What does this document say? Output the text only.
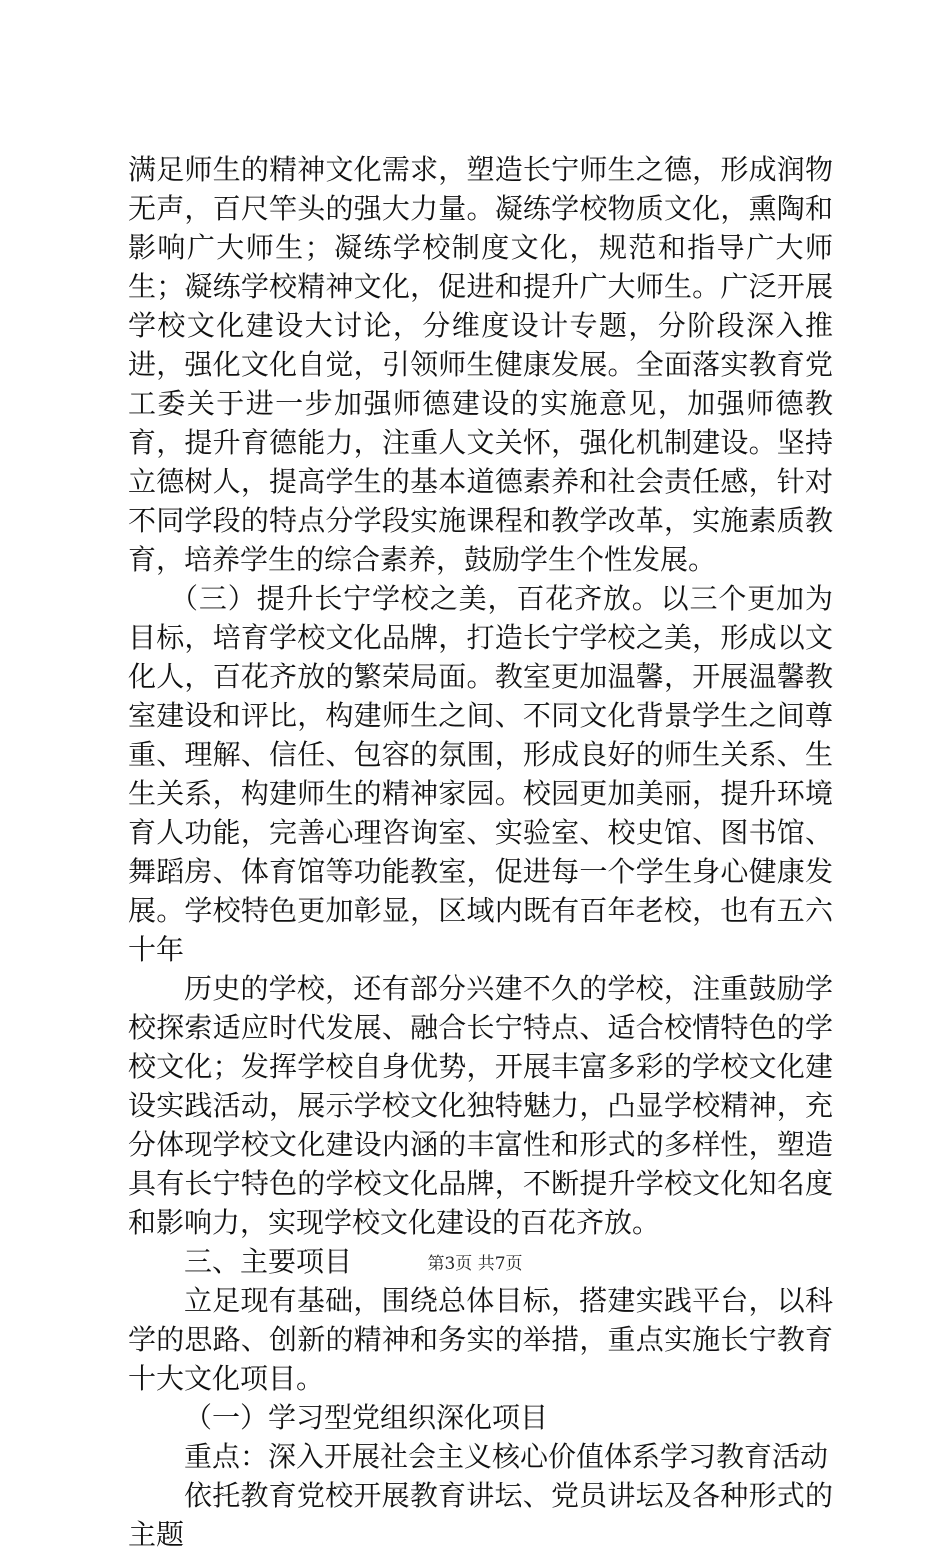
满足师生的精神文化需求，塑造长宁师生之德，形成润物无声，百尺竿头的强大力量。凝练学校物质文化，熏陶和影响广大师生；凝练学校制度文化，规范和指导广大师生；凝练学校精神文化，促进和提升广大师生。广泛开展学校文化建设大讨论，分维度设计专题，分阶段深入推进，强化文化自觉，引领师生健康发展。全面落实教育党工委关于进一步加强师德建设的实施意见，加强师德教育，提升育德能力，注重人文关怀，强化机制建设。坚持立德树人，提高学生的基本道德素养和社会责任感，针对不同学段的特点分学段实施课程和教学改革，实施素质教育，培养学生的综合素养，鼓励学生个性发展。

（三）提升长宁学校之美，百花齐放。以三个更加为目标，培育学校文化品牌，打造长宁学校之美，形成以文化人，百花齐放的繁荣局面。教室更加温馨，开展温馨教室建设和评比，构建师生之间、不同文化背景学生之间尊重、理解、信任、包容的氛围，形成良好的师生关系、生生关系，构建师生的精神家园。校园更加美丽，提升环境育人功能，完善心理咨询室、实验室、校史馆、图书馆、舞蹈房、体育馆等功能教室，促进每一个学生身心健康发展。学校特色更加彰显，区域内既有百年老校，也有五六十年

历史的学校，还有部分兴建不久的学校，注重鼓励学校探索适应时代发展、融合长宁特点、适合校情特色的学校文化；发挥学校自身优势，开展丰富多彩的学校文化建设实践活动，展示学校文化独特魅力，凸显学校精神，充分体现学校文化建设内涵的丰富性和形式的多样性，塑造具有长宁特色的学校文化品牌，不断提升学校文化知名度和影响力，实现学校文化建设的百花齐放。

三、主要项目

立足现有基础，围绕总体目标，搭建实践平台，以科学的思路、创新的精神和务实的举措，重点实施长宁教育十大文化项目。

（一）学习型党组织深化项目

重点：深入开展社会主义核心价值体系学习教育活动

依托教育党校开展教育讲坛、党员讲坛及各种形式的主题

第3页 共7页
